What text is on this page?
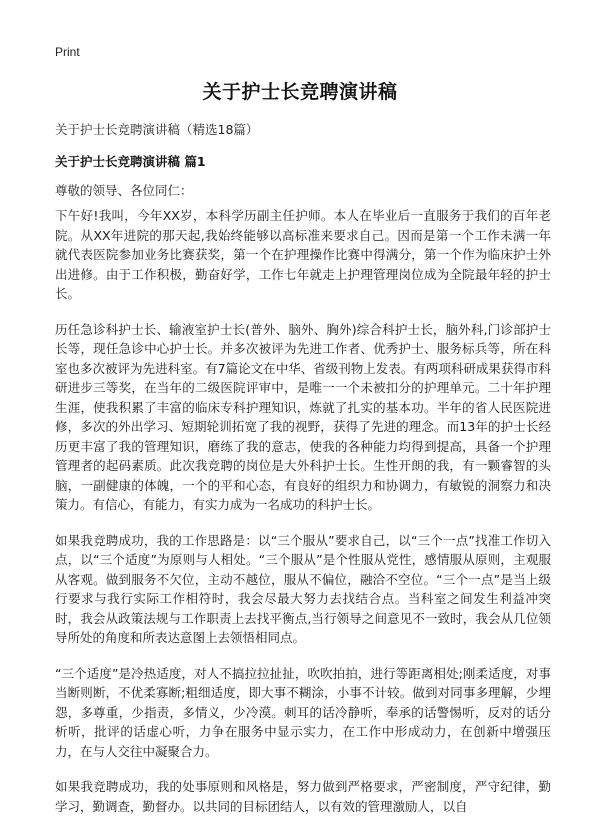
Print
关于护士长竞聘演讲稿
关于护士长竞聘演讲稿（精选18篇）
关于护士长竞聘演讲稿 篇1
尊敬的领导、各位同仁：

下午好!我叫，今年XX岁，本科学历副主任护师。本人在毕业后一直服务于我们的百年老院。从XX年进院的那天起,我始终能够以高标准来要求自己。因而是第一个工作未满一年就代表医院参加业务比赛获奖，第一个在护理操作比赛中得满分，第一个作为临床护士外出进修。由于工作积极，勤奋好学，工作七年就走上护理管理岗位成为全院最年轻的护士长。

历任急诊科护士长、输液室护士长(普外、脑外、胸外)综合科护士长，脑外科,门诊部护士长等，现任急诊中心护士长。并多次被评为先进工作者、优秀护士、服务标兵等，所在科室也多次被评为先进科室。有7篇论文在中华、省级刊物上发表。有两项科研成果获得市科研进步三等奖，在当年的二级医院评审中，是唯一一个未被扣分的护理单元。二十年护理生涯，使我积累了丰富的临床专科护理知识，炼就了扎实的基本功。半年的省人民医院进修，多次的外出学习、短期轮训拓宽了我的视野，获得了先进的理念。而13年的护士长经历更丰富了我的管理知识，磨练了我的意志，使我的各种能力均得到提高，具备一个护理管理者的起码素质。此次我竞聘的岗位是大外科护士长。生性开朗的我，有一颗睿智的头脑，一副健康的体魄，一个的平和心态，有良好的组织力和协调力，有敏锐的洞察力和决策力。有信心，有能力，有实力成为一名成功的科护士长。

如果我竞聘成功，我的工作思路是：以“三个服从”要求自己，以“三个一点”找准工作切入点，以“三个适度”为原则与人相处。“三个服从”是个性服从党性，感情服从原则，主观服从客观。做到服务不欠位，主动不越位，服从不偏位，融洽不空位。“三个一点”是当上级行要求与我行实际工作相符时，我会尽最大努力去找结合点。当科室之间发生利益冲突时，我会从政策法规与工作职责上去找平衡点,当行领导之间意见不一致时，我会从几位领导所处的角度和所表达意图上去领悟相同点。

“三个适度”是冷热适度，对人不搞拉拉扯扯，吹吹拍拍，进行等距离相处;刚柔适度，对事当断则断，不优柔寡断;粗细适度，即大事不糊涂，小事不计较。做到对同事多理解，少埋怨，多尊重，少指责，多情义，少冷漠。刺耳的话冷静听，奉承的话警惕听，反对的话分析听，批评的话虚心听，力争在服务中显示实力，在工作中形成动力，在创新中增强压力，在与人交往中凝聚合力。

如果我竞聘成功，我的处事原则和风格是，努力做到严格要求，严密制度，严守纪律，勤学习，勤调查，勤督办。以共同的目标团结人，以有效的管理激励人，以自
